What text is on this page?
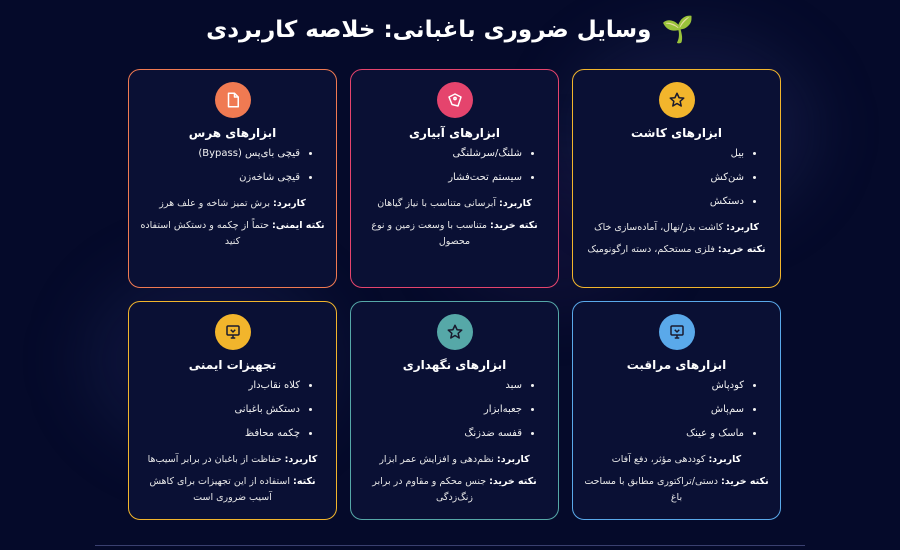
🌱
وسایل ضروری باغبانی: خلاصه کاربردی
ابزارهای کاشت
• بیل
• شن‌کش
• دستکش

کاربرد: کاشت بذر/نهال، آماده‌سازی خاک

نکته خرید: فلزی مستحکم، دسته ارگونومیک

ابزارهای آبیاری
• شلنگ/سرشلنگی
• سیستم تحت‌فشار

کاربرد: آبرسانی متناسب با نیاز گیاهان

نکته خرید: متناسب با وسعت زمین و نوع محصول

ابزارهای هرس
• قیچی بای‌پس (Bypass)
• قیچی شاخه‌زن

کاربرد: برش تمیز شاخه و علف هرز

نکته ایمنی: حتماً از چکمه و دستکش استفاده کنید

ابزارهای مراقبت
• کودپاش
• سم‌پاش
• ماسک و عینک

کاربرد: کوددهی مؤثر، دفع آفات

نکته خرید: دستی/تراکتوری مطابق با مساحت باغ

ابزارهای نگهداری
• سبد
• جعبه‌ابزار
• قفسه ضدزنگ

کاربرد: نظم‌دهی و افزایش عمر ابزار

نکته خرید: جنس محکم و مقاوم در برابر زنگ‌زدگی

تجهیزات ایمنی
• کلاه نقاب‌دار
• دستکش باغبانی
• چکمه محافظ

کاربرد: حفاظت از باغبان در برابر آسیب‌ها

نکته: استفاده از این تجهیزات برای کاهش آسیب ضروری است
